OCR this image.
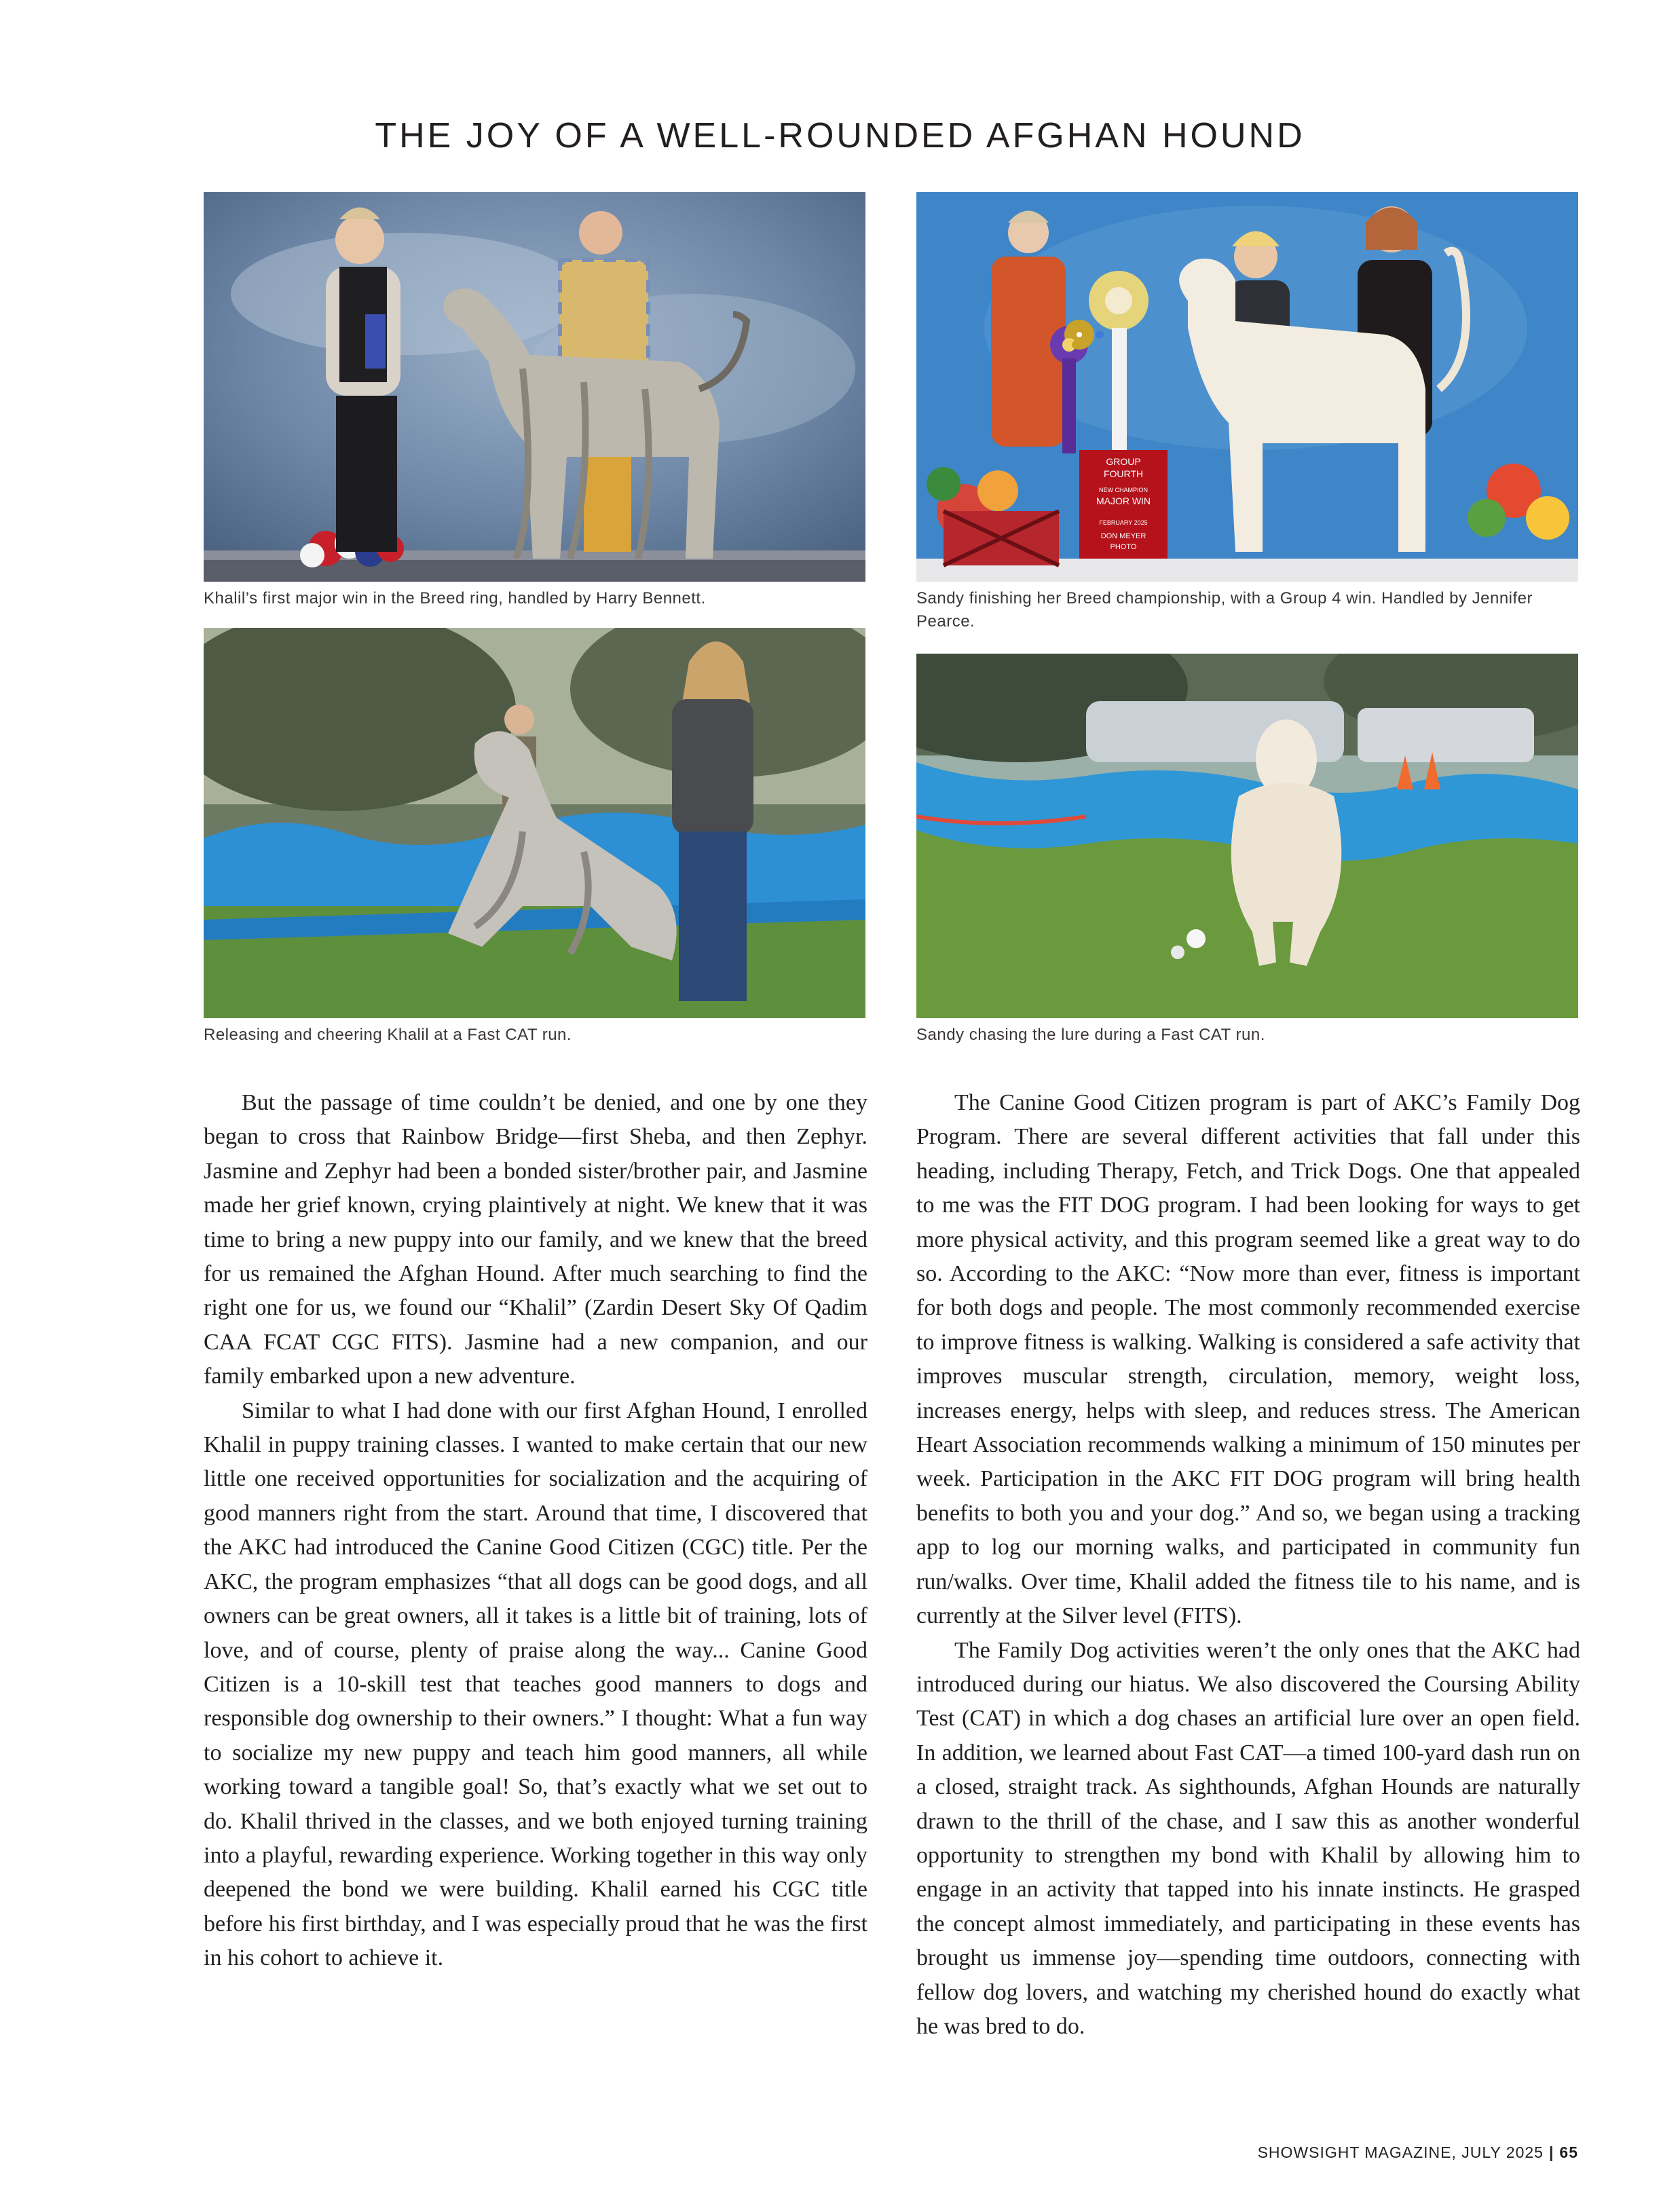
THE JOY OF A WELL-ROUNDED AFGHAN HOUND
Khalil’s first major win in the Breed ring, handled by Harry Bennett.
GROUP
FOURTH
NEW CHAMPION
MAJOR WIN
FEBRUARY 2025
DON MEYER
PHOTO
Sandy finishing her Breed championship, with a Group 4 win. Handled by Jennifer Pearce.
Releasing and cheering Khalil at a Fast CAT run.	Sandy chasing the lure during a Fast CAT run.

But the passage of time couldn’t be denied, and one by one they began to cross that Rainbow Bridge—first Sheba, and then Zephyr. Jasmine and Zephyr had been a bonded sister/brother pair, and Jasmine made her grief known, crying plaintively at night. We knew that it was time to bring a new puppy into our family, and we knew that the breed for us remained the Afghan Hound. After much searching to find the right one for us, we found our “Khalil” (Zardin Desert Sky Of Qadim CAA FCAT CGC FITS). Jasmine had a new companion, and our family embarked upon a new adventure.

Similar to what I had done with our first Afghan Hound, I enrolled Khalil in puppy training classes. I wanted to make certain that our new little one received opportunities for socialization and the acquiring of good manners right from the start. Around that time, I discovered that the AKC had introduced the Canine Good Citizen (CGC) title. Per the AKC, the program emphasizes “that all dogs can be good dogs, and all owners can be great owners, all it takes is a little bit of training, lots of love, and of course, plenty of praise along the way... Canine Good Citizen is a 10-skill test that teaches good manners to dogs and responsible dog ownership to their owners.” I thought: What a fun way to socialize my new puppy and teach him good manners, all while working toward a tangible goal! So, that’s exactly what we set out to do. Khalil thrived in the classes, and we both enjoyed turning training into a playful, rewarding experience. Working together in this way only deepened the bond we were building. Khalil earned his CGC title before his first birthday, and I was especially proud that he was the first in his cohort to achieve it.

The Canine Good Citizen program is part of AKC’s Family Dog Program. There are several different activities that fall under this heading, including Therapy, Fetch, and Trick Dogs. One that appealed to me was the FIT DOG program. I had been looking for ways to get more physical activity, and this program seemed like a great way to do so. According to the AKC: “Now more than ever, fitness is important for both dogs and people. The most commonly recommended exercise to improve fitness is walking. Walking is considered a safe activity that improves muscular strength, circulation, memory, weight loss, increases energy, helps with sleep, and reduces stress. The American Heart Association recommends walking a minimum of 150 minutes per week. Participation in the AKC FIT DOG program will bring health benefits to both you and your dog.” And so, we began using a tracking app to log our morning walks, and participated in community fun run/walks. Over time, Khalil added the fitness tile to his name, and is currently at the Silver level (FITS).

The Family Dog activities weren’t the only ones that the AKC had introduced during our hiatus. We also discovered the Coursing Ability Test (CAT) in which a dog chases an artificial lure over an open field. In addition, we learned about Fast CAT—a timed 100-yard dash run on a closed, straight track. As sighthounds, Afghan Hounds are naturally drawn to the thrill of the chase, and I saw this as another wonderful opportunity to strengthen my bond with Khalil by allowing him to engage in an activity that tapped into his innate instincts. He grasped the concept almost immediately, and participating in these events has brought us immense joy—spending time outdoors, connecting with fellow dog lovers, and watching my cherished hound do exactly what he was bred to do.

SHOWSIGHT MAGAZINE, JULY 2025 | 65
